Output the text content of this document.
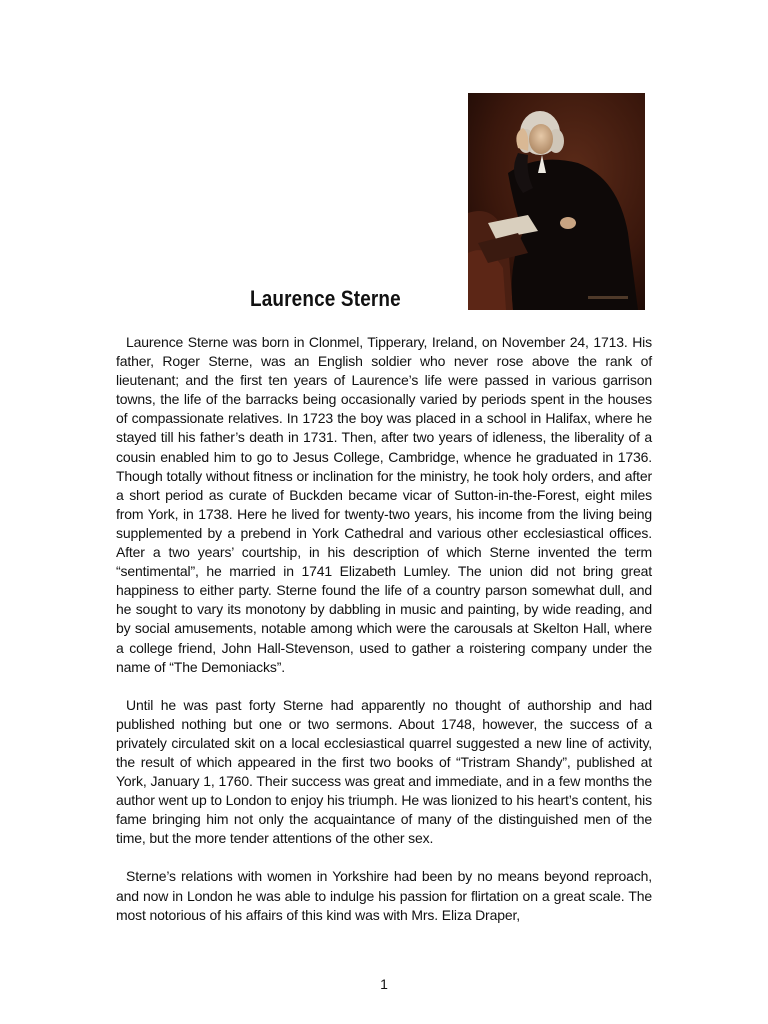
Laurence Sterne

Laurence Sterne was born in Clonmel, Tipperary, Ireland, on November 24, 1713. His father, Roger Sterne, was an English soldier who never rose above the rank of lieutenant; and the first ten years of Laurence’s life were passed in various garrison towns, the life of the barracks being occasionally varied by periods spent in the houses of compassionate relatives. In 1723 the boy was placed in a school in Halifax, where he stayed till his father’s death in 1731. Then, after two years of idleness, the liberality of a cousin enabled him to go to Jesus College, Cambridge, whence he graduated in 1736. Though totally without fitness or inclination for the ministry, he took holy orders, and after a short period as curate of Buckden became vicar of Sutton-in-the-Forest, eight miles from York, in 1738. Here he lived for twenty-two years, his income from the living being supplemented by a prebend in York Cathedral and various other ecclesiastical offices. After a two years’ courtship, in his description of which Sterne invented the term “sentimental”, he married in 1741 Elizabeth Lumley. The union did not bring great happiness to either party. Sterne found the life of a country parson somewhat dull, and he sought to vary its monotony by dabbling in music and painting, by wide reading, and by social amusements, notable among which were the carousals at Skelton Hall, where a college friend, John Hall-Stevenson, used to gather a roistering company under the name of “The Demoniacks”.

Until he was past forty Sterne had apparently no thought of authorship and had published nothing but one or two sermons. About 1748, however, the success of a privately circulated skit on a local ecclesiastical quarrel suggested a new line of activity, the result of which appeared in the first two books of “Tristram Shandy”, published at York, January 1, 1760. Their success was great and immediate, and in a few months the author went up to London to enjoy his triumph. He was lionized to his heart’s content, his fame bringing him not only the acquaintance of many of the distinguished men of the time, but the more tender attentions of the other sex.

Sterne’s relations with women in Yorkshire had been by no means beyond reproach, and now in London he was able to indulge his passion for flirtation on a great scale. The most notorious of his affairs of this kind was with Mrs. Eliza Draper,

1
